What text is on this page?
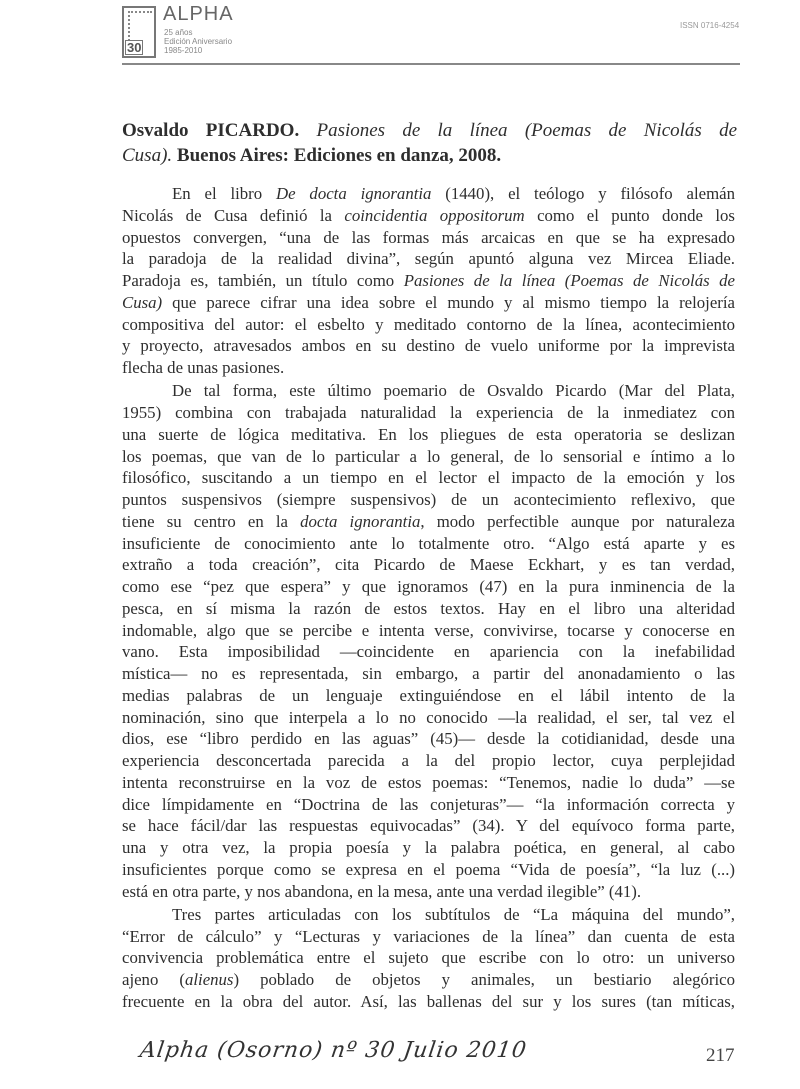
30
ALPHA
25 años
Edición Aniversario
1985-2010
ISSN 0716-4254
Osvaldo PICARDO. Pasiones de la línea (Poemas de Nicolás de
Cusa). Buenos Aires: Ediciones en danza, 2008.
En el libro De docta ignorantia (1440), el teólogo y filósofo alemán
Nicolás de Cusa definió la coincidentia oppositorum como el punto donde los
opuestos convergen, “una de las formas más arcaicas en que se ha expresado
la paradoja de la realidad divina”, según apuntó alguna vez Mircea Eliade.
Paradoja es, también, un título como Pasiones de la línea (Poemas de Nicolás de
Cusa) que parece cifrar una idea sobre el mundo y al mismo tiempo la relojería
compositiva del autor: el esbelto y meditado contorno de la línea, acontecimiento
y proyecto, atravesados ambos en su destino de vuelo uniforme por la imprevista
flecha de unas pasiones.
De tal forma, este último poemario de Osvaldo Picardo (Mar del Plata,
1955) combina con trabajada naturalidad la experiencia de la inmediatez con
una suerte de lógica meditativa. En los pliegues de esta operatoria se deslizan
los poemas, que van de lo particular a lo general, de lo sensorial e íntimo a lo
filosófico, suscitando a un tiempo en el lector el impacto de la emoción y los
puntos suspensivos (siempre suspensivos) de un acontecimiento reflexivo, que
tiene su centro en la docta ignorantia, modo perfectible aunque por naturaleza
insuficiente de conocimiento ante lo totalmente otro. “Algo está aparte y es
extraño a toda creación”, cita Picardo de Maese Eckhart, y es tan verdad,
como ese “pez que espera” y que ignoramos (47) en la pura inminencia de la
pesca, en sí misma la razón de estos textos. Hay en el libro una alteridad
indomable, algo que se percibe e intenta verse, convivirse, tocarse y conocerse en
vano. Esta imposibilidad —coincidente en apariencia con la inefabilidad
mística— no es representada, sin embargo, a partir del anonadamiento o las
medias palabras de un lenguaje extinguiéndose en el lábil intento de la
nominación, sino que interpela a lo no conocido —la realidad, el ser, tal vez el
dios, ese “libro perdido en las aguas” (45)— desde la cotidianidad, desde una
experiencia desconcertada parecida a la del propio lector, cuya perplejidad
intenta reconstruirse en la voz de estos poemas: “Tenemos, nadie lo duda” —se
dice límpidamente en “Doctrina de las conjeturas”— “la información correcta y
se hace fácil/dar las respuestas equivocadas” (34). Y del equívoco forma parte,
una y otra vez, la propia poesía y la palabra poética, en general, al cabo
insuficientes porque como se expresa en el poema “Vida de poesía”, “la luz (...)
está en otra parte, y nos abandona, en la mesa, ante una verdad ilegible” (41).
Tres partes articuladas con los subtítulos de “La máquina del mundo”,
“Error de cálculo” y “Lecturas y variaciones de la línea” dan cuenta de esta
convivencia problemática entre el sujeto que escribe con lo otro: un universo
ajeno (alienus) poblado de objetos y animales, un bestiario alegórico
frecuente en la obra del autor. Así, las ballenas del sur y los sures (tan míticas,
Alpha (Osorno) nº 30 Julio 2010	217
